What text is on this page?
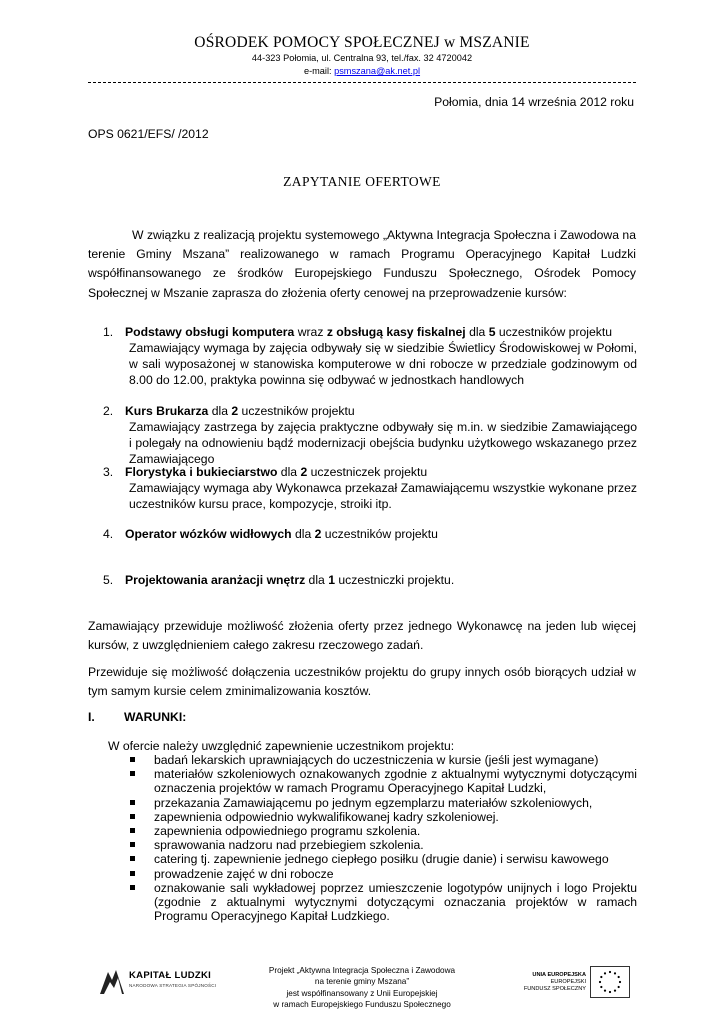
OŚRODEK POMOCY SPOŁECZNEJ w MSZANIE
44-323 Połomia, ul. Centralna 93, tel./fax. 32 4720042
e-mail: psmszana@ak.net.pl
Połomia, dnia 14 września 2012 roku
OPS 0621/EFS/ /2012
ZAPYTANIE OFERTOWE
W związku z realizacją projektu systemowego „Aktywna Integracja Społeczna i Zawodowa na terenie Gminy Mszana” realizowanego w ramach Programu Operacyjnego Kapitał Ludzki współfinansowanego ze środków Europejskiego Funduszu Społecznego, Ośrodek Pomocy Społecznej w Mszanie zaprasza do złożenia oferty cenowej na przeprowadzenie kursów:
1. Podstawy obsługi komputera wraz z obsługą kasy fiskalnej dla 5 uczestników projektu
Zamawiający wymaga by zajęcia odbywały się w siedzibie Świetlicy Środowiskowej w Połomi, w sali wyposażonej w stanowiska komputerowe w dni robocze w przedziale godzinowym od 8.00 do 12.00, praktyka powinna się odbywać w jednostkach handlowych
2. Kurs Brukarza dla 2 uczestników projektu
Zamawiający zastrzega by zajęcia praktyczne odbywały się m.in. w siedzibie Zamawiającego i polegały na odnowieniu bądź modernizacji obejścia budynku użytkowego wskazanego przez Zamawiającego
3. Florystyka i bukieciarstwo dla 2 uczestniczek projektu
Zamawiający wymaga aby Wykonawca przekazał Zamawiającemu wszystkie wykonane przez uczestników kursu prace, kompozycje, stroiki itp.
4. Operator wózków widłowych dla 2 uczestników projektu
5. Projektowania aranżacji wnętrz dla 1 uczestniczki projektu.
Zamawiający przewiduje możliwość złożenia oferty przez jednego Wykonawcę na jeden lub więcej kursów, z uwzględnieniem całego zakresu rzeczowego zadań.
Przewiduje się możliwość dołączenia uczestników projektu do grupy innych osób biorących udział w tym samym kursie celem zminimalizowania kosztów.
I. WARUNKI:
W ofercie należy uwzględnić zapewnienie uczestnikom projektu:
badań lekarskich uprawniających do uczestniczenia w kursie (jeśli jest wymagane)
materiałów szkoleniowych oznakowanych zgodnie z aktualnymi wytycznymi dotyczącymi oznaczenia projektów w ramach Programu Operacyjnego Kapitał Ludzki,
przekazania Zamawiającemu po jednym egzemplarzu materiałów szkoleniowych,
zapewnienia odpowiednio wykwalifikowanej kadry szkoleniowej.
zapewnienia odpowiedniego programu szkolenia.
sprawowania nadzoru nad przebiegiem szkolenia.
catering tj. zapewnienie jednego ciepłego posiłku (drugie danie) i serwisu kawowego
prowadzenie zajęć w dni robocze
oznakowanie sali wykładowej poprzez umieszczenie logotypów unijnych i logo Projektu (zgodnie z aktualnymi wytycznymi dotyczącymi oznaczania projektów w ramach Programu Operacyjnego Kapitał Ludzkiego.
KAPITAŁ LUDZKI
NARODOWA STRATEGIA SPÓJNOŚCI
Projekt „Aktywna Integracja Społeczna i Zawodowa
na terenie gminy Mszana”
jest współfinansowany z Unii Europejskiej
w ramach Europejskiego Funduszu Społecznego
UNIA EUROPEJSKA
EUROPEJSKI
FUNDUSZ SPOŁECZNY
